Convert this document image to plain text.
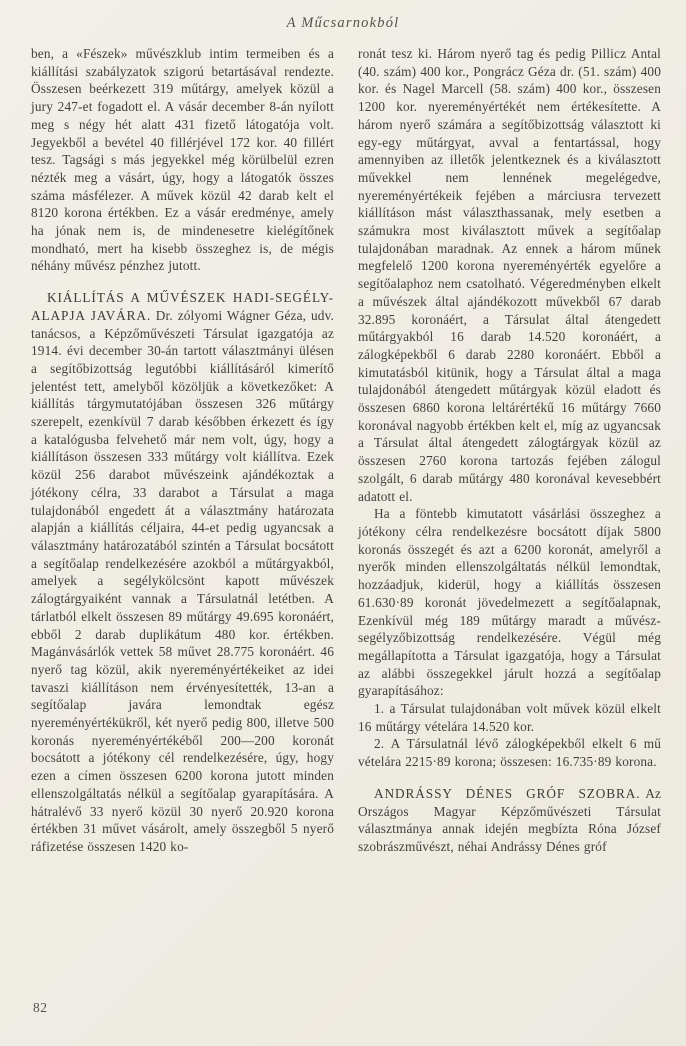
A Műcsarnokból

ben, a «Fészek» művészklub intim termeiben és a kiállítási szabályzatok szigorú betartásával rendezte. Összesen beérkezett 319 műtárgy, amelyek közül a jury 247-et fogadott el. A vásár december 8-án nyílott meg s négy hét alatt 431 fizető látogatója volt. Jegyekből a bevétel 40 fillérjével 172 kor. 40 fillért tesz. Tagsági s más jegyekkel még körülbelül ezren nézték meg a vásárt, úgy, hogy a látogatók összes száma másfélezer. A művek közül 42 darab kelt el 8120 korona értékben. Ez a vásár eredménye, amely ha jónak nem is, de mindenesetre kielégítőnek mondható, mert ha kisebb összeghez is, de mégis néhány művész pénzhez jutott.

KIÁLLÍTÁS A MŰVÉSZEK HADI-SEGÉLY-ALAPJA JAVÁRA. Dr. zólyomi Wágner Géza, udv. tanácsos, a Képzőművészeti Társulat igazgatója az 1914. évi december 30-án tartott választmányi ülésen a segítőbizottság legutóbbi kiállításáról kimerítő jelentést tett, amelyből közöljük a következőket: A kiállítás tárgymutatójában összesen 326 műtárgy szerepelt, ezenkívül 7 darab későbben érkezett és így a katalógusba felvehető már nem volt, úgy, hogy a kiállításon összesen 333 műtárgy volt kiállítva. Ezek közül 256 darabot művészeink ajándékoztak a jótékony célra, 33 darabot a Társulat a maga tulajdonából engedett át a választmány határozata alapján a kiállítás céljaira, 44-et pedig ugyancsak a választmány határozatából szintén a Társulat bocsátott a segítőalap rendelkezésére azokból a műtárgyakból, amelyek a segélykölcsönt kapott művészek zálogtárgyaiként vannak a Társulatnál letétben. A tárlatból elkelt összesen 89 műtárgy 49.695 koronáért, ebből 2 darab duplikátum 480 kor. értékben. Magánvásárlók vettek 58 művet 28.775 koronáért. 46 nyerő tag közül, akik nyereményértékeiket az idei tavaszi kiállításon nem érvényesítették, 13-an a segítőalap javára lemondtak egész nyereményértékükről, két nyerő pedig 800, illetve 500 koronás nyereményértékéből 200—200 koronát bocsátott a jótékony cél rendelkezésére, úgy, hogy ezen a címen összesen 6200 korona jutott minden ellenszolgáltatás nélkül a segítőalap gyarapítására. A hátralévő 33 nyerő közül 30 nyerő 20.920 korona értékben 31 művet vásárolt, amely összegből 5 nyerő ráfizetése összesen 1420 ko-

ronát tesz ki. Három nyerő tag és pedig Pillicz Antal (40. szám) 400 kor., Pongrácz Géza dr. (51. szám) 400 kor. és Nagel Marcell (58. szám) 400 kor., összesen 1200 kor. nyereményértékét nem értékesítette. A három nyerő számára a segítőbizottság választott ki egy-egy műtárgyat, avval a fentartással, hogy amennyiben az illetők jelentkeznek és a kiválasztott művekkel nem lennének megelégedve, nyereményértékeik fejében a márciusra tervezett kiállításon mást választhassanak, mely esetben a számukra most kiválasztott művek a segítőalap tulajdonában maradnak. Az ennek a három műnek megfelelő 1200 korona nyereményérték egyelőre a segítőalaphoz nem csatolható. Végeredményben elkelt a művészek által ajándékozott művekből 67 darab 32.895 koronáért, a Társulat által átengedett műtárgyakból 16 darab 14.520 koronáért, a zálogképekből 6 darab 2280 koronáért. Ebből a kimutatásból kitünik, hogy a Társulat által a maga tulajdonából átengedett műtárgyak közül eladott és összesen 6860 korona leltárértékű 16 műtárgy 7660 koronával nagyobb értékben kelt el, míg az ugyancsak a Társulat által átengedett zálogtárgyak közül az összesen 2760 korona tartozás fejében zálogul szolgált, 6 darab műtárgy 480 koronával kevesebbért adatott el.

Ha a föntebb kimutatott vásárlási összeghez a jótékony célra rendelkezésre bocsátott díjak 5800 koronás összegét és azt a 6200 koronát, amelyről a nyerők minden ellenszolgáltatás nélkül lemondtak, hozzáadjuk, kiderül, hogy a kiállítás összesen 61.630·89 koronát jövedelmezett a segítőalapnak, Ezenkívül még 189 műtárgy maradt a művész-segélyzőbizottság rendelkezésére. Végül még megállapította a Társulat igazgatója, hogy a Társulat az alábbi összegekkel járult hozzá a segítőalap gyarapításához:

1. a Társulat tulajdonában volt művek közül elkelt 16 műtárgy vételára 14.520 kor.

2. A Társulatnál lévő zálogképekből elkelt 6 mű vételára 2215·89 korona; összesen: 16.735·89 korona.

ANDRÁSSY DÉNES GRÓF SZOBRA. Az Országos Magyar Képzőművészeti Társulat választmánya annak idején megbízta Róna József szobrászművészt, néhai Andrássy Dénes gróf

82
